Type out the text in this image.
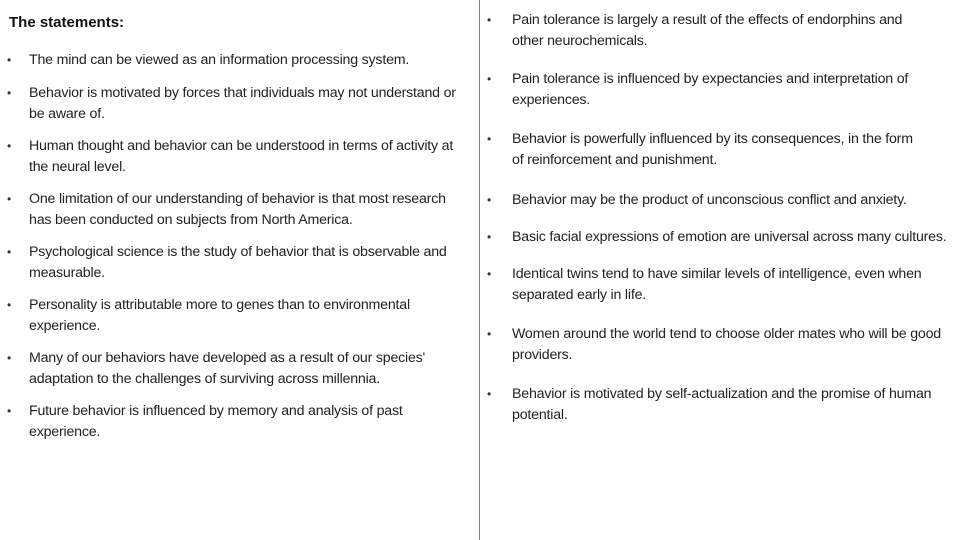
The statements:
• The mind can be viewed as an information processing system.
• Behavior is motivated by forces that individuals may not understand or
be aware of.
• Human thought and behavior can be understood in terms of activity at
the neural level.
• One limitation of our understanding of behavior is that most research
has been conducted on subjects from North America.
• Psychological science is the study of behavior that is observable and
measurable.
• Personality is attributable more to genes than to environmental
experience.
• Many of our behaviors have developed as a result of our species'
adaptation to the challenges of surviving across millennia.
• Future behavior is influenced by memory and analysis of past
experience.
• Pain tolerance is largely a result of the effects of endorphins and
other neurochemicals.
• Pain tolerance is influenced by expectancies and interpretation of
experiences.
• Behavior is powerfully influenced by its consequences, in the form
of reinforcement and punishment.
• Behavior may be the product of unconscious conflict and anxiety.
• Basic facial expressions of emotion are universal across many cultures.
• Identical twins tend to have similar levels of intelligence, even when
separated early in life.
• Women around the world tend to choose older mates who will be good
providers.
• Behavior is motivated by self-actualization and the promise of human
potential.
